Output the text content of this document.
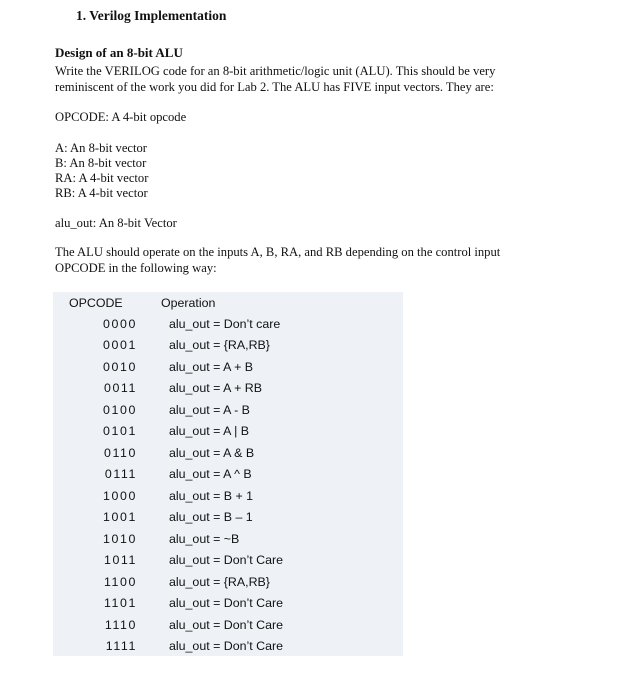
1. Verilog Implementation
Design of an 8-bit ALU

Write the VERILOG code for an 8-bit arithmetic/logic unit (ALU). This should be very
reminiscent of the work you did for Lab 2. The ALU has FIVE input vectors. They are:

OPCODE: A 4-bit opcode

A: An 8-bit vector

B: An 8-bit vector

RA: A 4-bit vector

RB: A 4-bit vector

alu_out: An 8-bit Vector

The ALU should operate on the inputs A, B, RA, and RB depending on the control input
OPCODE in the following way:

OPCODE	Operation
0000	alu_out = Don’t care

0001	alu_out = {RA,RB}

0010	alu_out = A + B

0011	alu_out = A + RB

0100	alu_out = A - B

0101	alu_out = A | B

0110	alu_out = A & B

0111	alu_out = A ^ B

1000	alu_out = B + 1

1001	alu_out = B – 1

1010	alu_out = ~B

1011	alu_out = Don’t Care

1100	alu_out = {RA,RB}

1101	alu_out = Don’t Care

1110	alu_out = Don’t Care

1111	alu_out = Don’t Care
